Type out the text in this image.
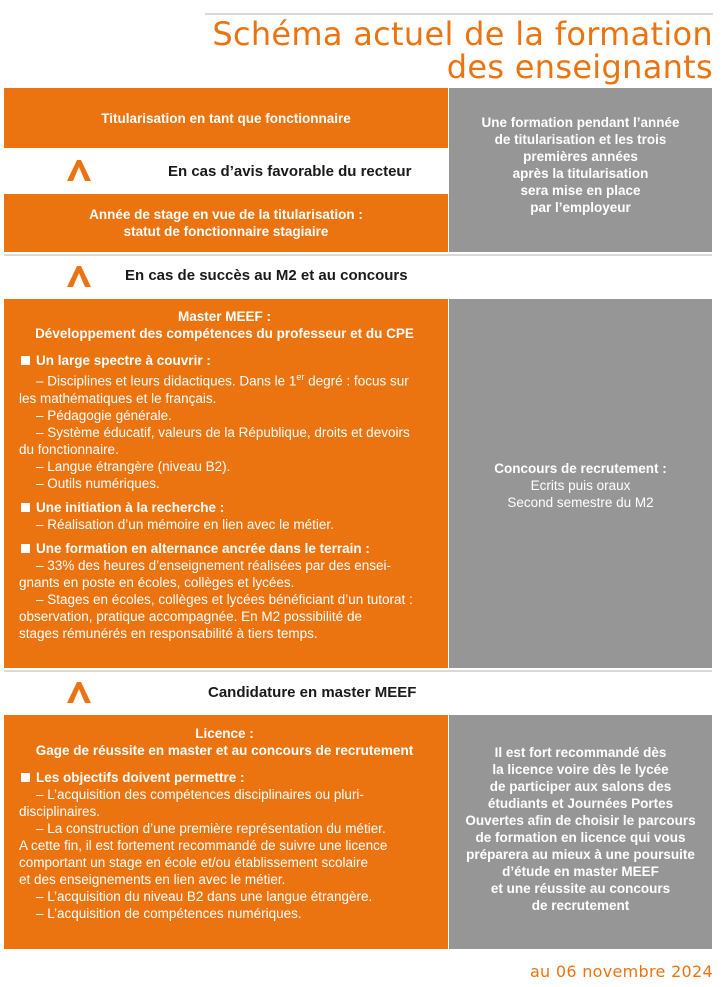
Schéma actuel de la formation
des enseignants
Titularisation en tant que fonctionnaire
En cas d’avis favorable du recteur
Année de stage en vue de la titularisation :
statut de fonctionnaire stagiaire
Une formation pendant l’année
de titularisation et les trois
premières années
après la titularisation
sera mise en place
par l’employeur
En cas de succès au M2 et au concours
Master MEEF :
Développement des compétences du professeur et du CPE
Un large spectre à couvrir :
– Disciplines et leurs didactiques. Dans le 1er degré : focus sur
les mathématiques et le français.
– Pédagogie générale.
– Système éducatif, valeurs de la République, droits et devoirs
du fonctionnaire.
– Langue étrangère (niveau B2).
– Outils numériques.
Une initiation à la recherche :
– Réalisation d’un mémoire en lien avec le métier.
Une formation en alternance ancrée dans le terrain :
– 33% des heures d’enseignement réalisées par des ensei-
gnants en poste en écoles, collèges et lycées.
– Stages en écoles, collèges et lycées bénéficiant d’un tutorat :
observation, pratique accompagnée. En M2 possibilité de
stages rémunérés en responsabilité à tiers temps.
Concours de recrutement :
Ecrits puis oraux
Second semestre du M2
Candidature en master MEEF
Licence :
Gage de réussite en master et au concours de recrutement
Les objectifs doivent permettre :
– L’acquisition des compétences disciplinaires ou pluri-
disciplinaires.
– La construction d’une première représentation du métier.
A cette fin, il est fortement recommandé de suivre une licence
comportant un stage en école et/ou établissement scolaire
et des enseignements en lien avec le métier.
– L’acquisition du niveau B2 dans une langue étrangère.
– L’acquisition de compétences numériques.
Il est fort recommandé dès
la licence voire dès le lycée
de participer aux salons des
étudiants et Journées Portes
Ouvertes afin de choisir le parcours
de formation en licence qui vous
préparera au mieux à une poursuite
d’étude en master MEEF
et une réussite au concours
de recrutement
au 06 novembre 2024
